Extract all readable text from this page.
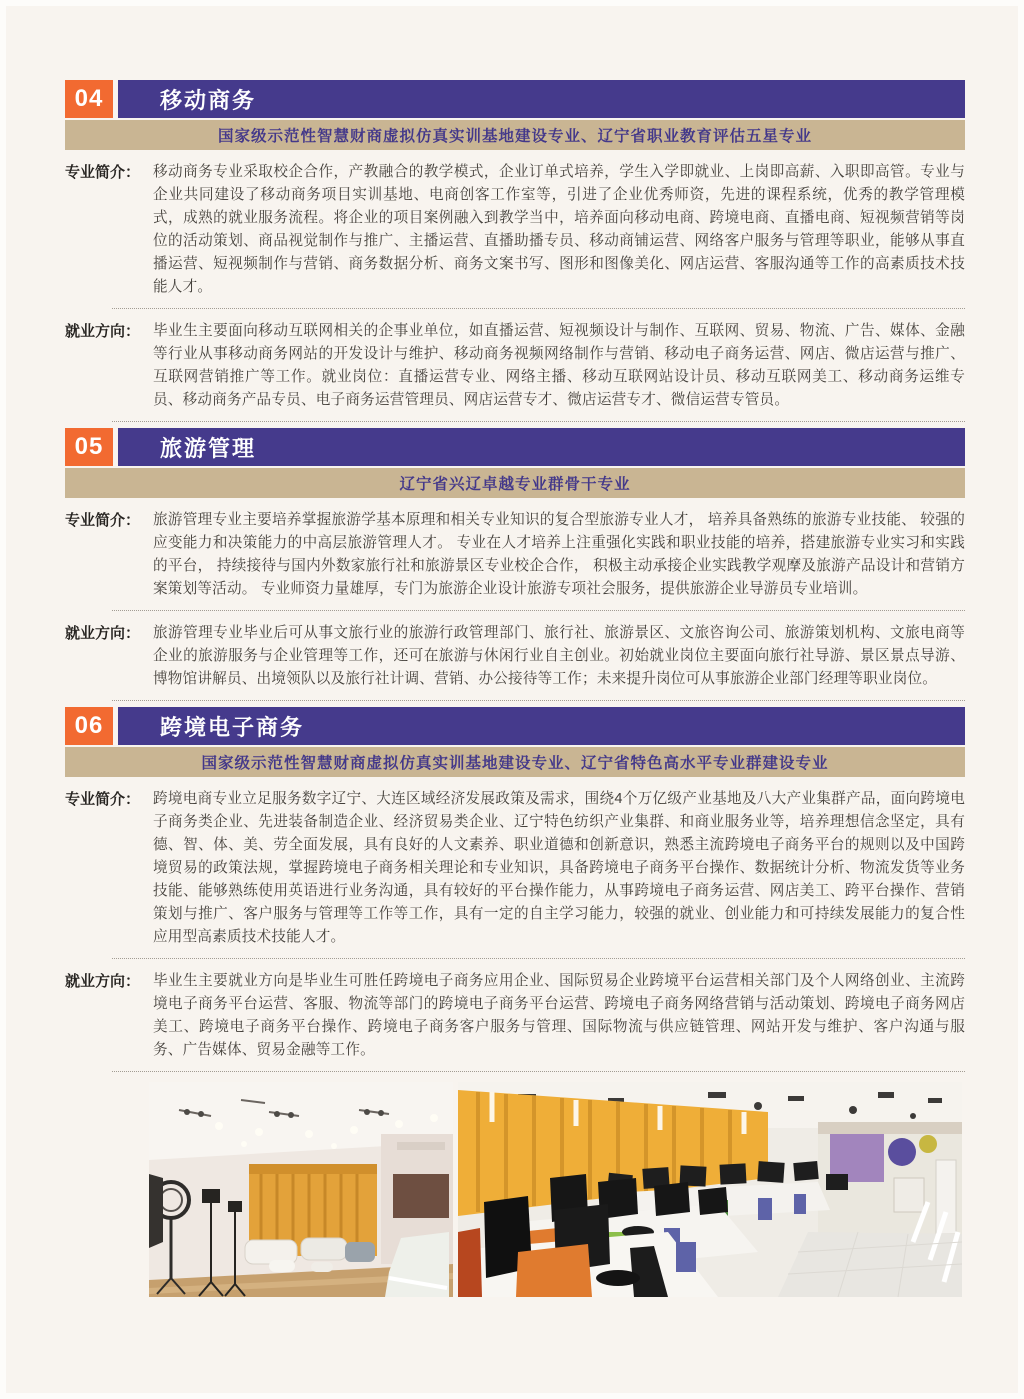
04	移动商务
国家级示范性智慧财商虚拟仿真实训基地建设专业、辽宁省职业教育评估五星专业
专业简介： 移动商务专业采取校企合作，产教融合的教学模式，企业订单式培养，学生入学即就业、上岗即高薪、入职即高管。专业与企业共同建设了移动商务项目实训基地、电商创客工作室等，引进了企业优秀师资，先进的课程系统，优秀的教学管理模式，成熟的就业服务流程。将企业的项目案例融入到教学当中，培养面向移动电商、跨境电商、直播电商、短视频营销等岗位的活动策划、商品视觉制作与推广、主播运营、直播助播专员、移动商铺运营、网络客户服务与管理等职业，能够从事直播运营、短视频制作与营销、商务数据分析、商务文案书写、图形和图像美化、网店运营、客服沟通等工作的高素质技术技能人才。
就业方向： 毕业生主要面向移动互联网相关的企事业单位，如直播运营、短视频设计与制作、互联网、贸易、物流、广告、媒体、金融等行业从事移动商务网站的开发设计与维护、移动商务视频网络制作与营销、移动电子商务运营、网店、微店运营与推广、互联网营销推广等工作。就业岗位：直播运营专业、网络主播、移动互联网站设计员、移动互联网美工、移动商务运维专员、移动商务产品专员、电子商务运营管理员、网店运营专才、微店运营专才、微信运营专管员。
05	旅游管理
辽宁省兴辽卓越专业群骨干专业
专业简介： 旅游管理专业主要培养掌握旅游学基本原理和相关专业知识的复合型旅游专业人才， 培养具备熟练的旅游专业技能、 较强的应变能力和决策能力的中高层旅游管理人才。 专业在人才培养上注重强化实践和职业技能的培养，搭建旅游专业实习和实践的平台， 持续接待与国内外数家旅行社和旅游景区专业校企合作， 积极主动承接企业实践教学观摩及旅游产品设计和营销方案策划等活动。 专业师资力量雄厚，专门为旅游企业设计旅游专项社会服务，提供旅游企业导游员专业培训。
就业方向： 旅游管理专业毕业后可从事文旅行业的旅游行政管理部门、旅行社、旅游景区、文旅咨询公司、旅游策划机构、文旅电商等企业的旅游服务与企业管理等工作，还可在旅游与休闲行业自主创业。初始就业岗位主要面向旅行社导游、景区景点导游、博物馆讲解员、出境领队以及旅行社计调、营销、办公接待等工作；未来提升岗位可从事旅游企业部门经理等职业岗位。
06	跨境电子商务
国家级示范性智慧财商虚拟仿真实训基地建设专业、辽宁省特色高水平专业群建设专业
专业简介： 跨境电商专业立足服务数字辽宁、大连区域经济发展政策及需求，围绕4个万亿级产业基地及八大产业集群产品，面向跨境电子商务类企业、先进装备制造企业、经济贸易类企业、辽宁特色纺织产业集群、和商业服务业等，培养理想信念坚定，具有德、智、体、美、劳全面发展，具有良好的人文素养、职业道德和创新意识，熟悉主流跨境电子商务平台的规则以及中国跨境贸易的政策法规，掌握跨境电子商务相关理论和专业知识，具备跨境电子商务平台操作、数据统计分析、物流发货等业务技能、能够熟练使用英语进行业务沟通，具有较好的平台操作能力，从事跨境电子商务运营、网店美工、跨平台操作、营销策划与推广、客户服务与管理等工作等工作，具有一定的自主学习能力，较强的就业、创业能力和可持续发展能力的复合性应用型高素质技术技能人才。
就业方向： 毕业生主要就业方向是毕业生可胜任跨境电子商务应用企业、国际贸易企业跨境平台运营相关部门及个人网络创业、主流跨境电子商务平台运营、客服、物流等部门的跨境电子商务平台运营、跨境电子商务网络营销与活动策划、跨境电子商务网店美工、跨境电子商务平台操作、跨境电子商务客户服务与管理、国际物流与供应链管理、网站开发与维护、客户沟通与服务、广告媒体、贸易金融等工作。
